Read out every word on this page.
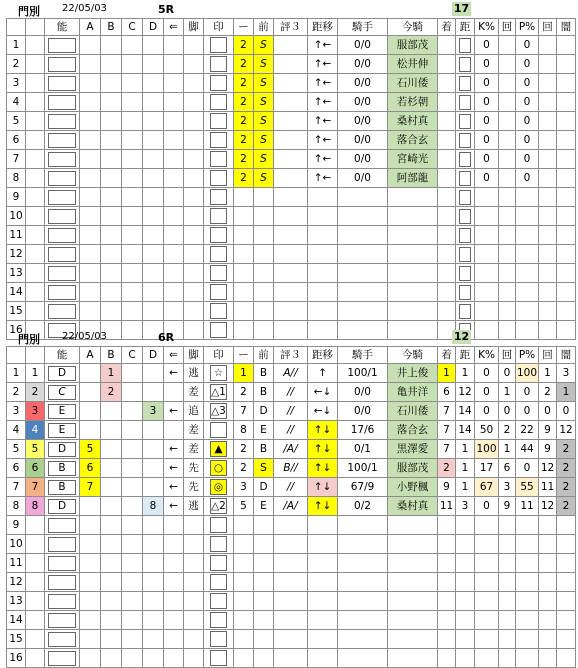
門別 22/05/03	5R	17
		能	A	B	C	D	⇐	脚	印	ー	前	評３	距移	騎手	今騎	着	距	K%	回	P%	回	闇
1										2	S		↑←	0/0	服部茂			0		0		
2										2	S		↑←	0/0	松井伸			0		0		
3										2	S		↑←	0/0	石川倭			0		0		
4										2	S		↑←	0/0	若杉朝			0		0		
5										2	S		↑←	0/0	桑村真			0		0		
6										2	S		↑←	0/0	落合玄			0		0		
7										2	S		↑←	0/0	宮崎光			0		0		
8										2	S		↑←	0/0	阿部龍			0		0		
9		

10		

11		

12		

13		

14		

15		

16		

門別 22/05/03	6R	12
		能	A	B	C	D	⇐	脚	印	ー	前	評３	距移	騎手	今騎	着	距	K%	回	P%	回	闇
1	1	D		1			←	逃	☆	1	B	A//	↑	100/1	井上俊	1	1	0	0	100	1	3
2	2	C		2				差	△1	2	B	//	←↓	0/0	亀井洋	6	12	0	1	0	2	1
3	3	E				3	←	追	△3	7	D	//	←↓	0/0	石川倭	7	14	0	0	0	0	0
4	4	E						差		8	E	//	↑↓	17/6	落合玄	7	14	50	2	22	9	12
5	5	D	5				←	差	▲	2	B	/A/	↑↓	0/1	黒澤愛	7	1	100	1	44	9	2
6	6	B	6				←	先	○	2	S	B//	↑↓	100/1	服部茂	2	1	17	6	0	12	2
7	7	B	7				←	先	◎	3	D	//	↑↓	67/9	小野楓	9	1	67	3	55	11	2
8	8	D				8	←	逃	△2	5	E	/A/	↑↓	0/2	桑村真	11	3	0	9	11	12	2
9		

10		

11		

12		

13		

14		

15		

16		
